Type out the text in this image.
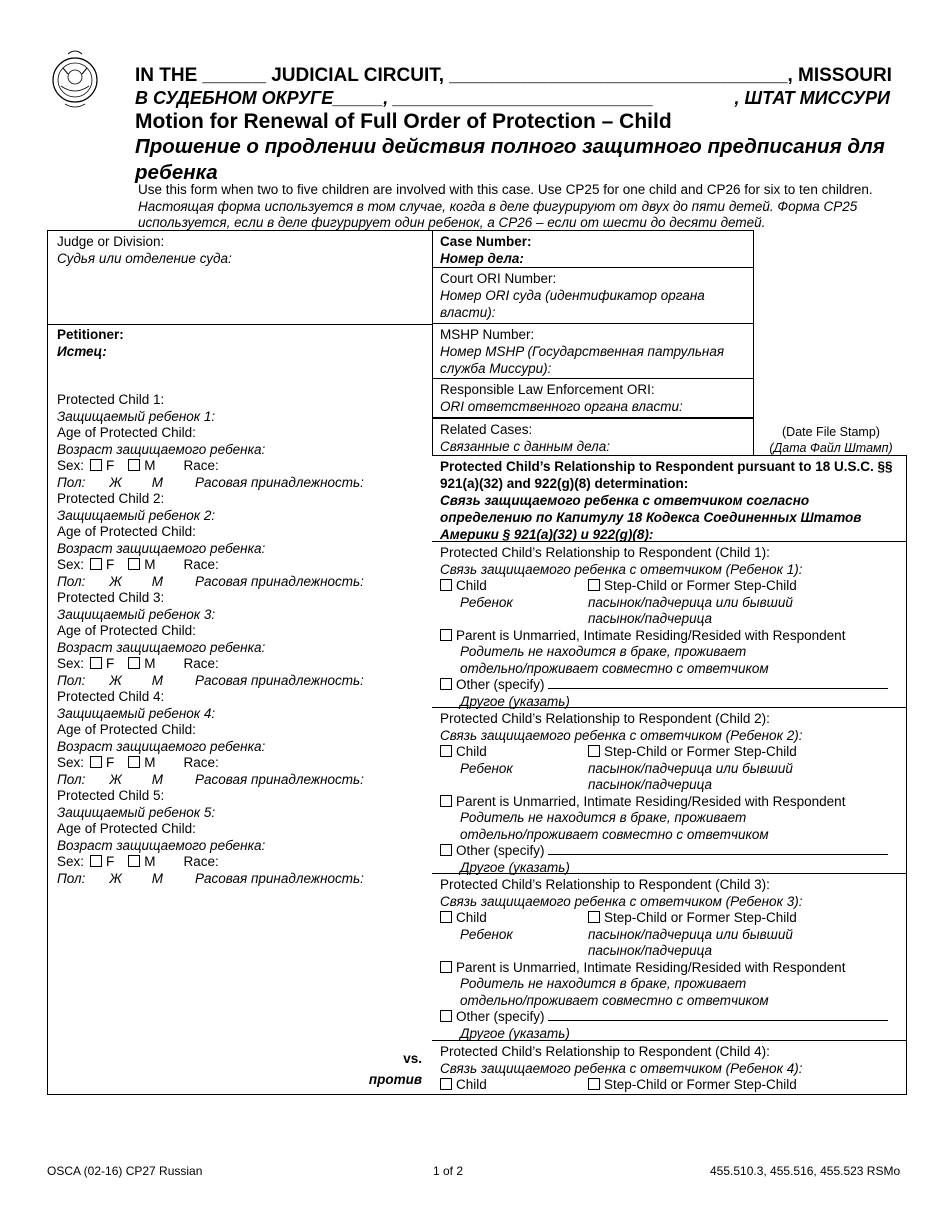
IN THE ______ JUDICIAL CIRCUIT, ________________________________ , MISSOURI
В СУДЕБНОМ ОКРУГЕ_____, __________________________	, ШТАТ МИССУРИ
Motion for Renewal of Full Order of Protection – Child
Прошение о продлении действия полного защитного предписания для ребенка
Use this form when two to five children are involved with this case. Use CP25 for one child and CP26 for six to ten children.
Настоящая форма используется в том случае, когда в деле фигурируют от двух до пяти детей. Форма CP25 используется, если в деле фигурирует один ребенок, а CP26 – если от шести до десяти детей.
Judge or Division:
Судья или отделение суда:
Petitioner:
Истец:
Protected Child 1:
Защищаемый ребенок 1:
Age of Protected Child:
Возраст защищаемого ребенка:
Sex: F M Race:
Пол: Ж М Расовая принадлежность:
Protected Child 2:
Защищаемый ребенок 2:
Age of Protected Child:
Возраст защищаемого ребенка:
Sex: F M Race:
Пол: Ж М Расовая принадлежность:
Protected Child 3:
Защищаемый ребенок 3:
Age of Protected Child:
Возраст защищаемого ребенка:
Sex: F M Race:
Пол: Ж М Расовая принадлежность:
Protected Child 4:
Защищаемый ребенок 4:
Age of Protected Child:
Возраст защищаемого ребенка:
Sex: F M Race:
Пол: Ж М Расовая принадлежность:
Protected Child 5:
Защищаемый ребенок 5:
Age of Protected Child:
Возраст защищаемого ребенка:
Sex: F M Race:
Пол: Ж М Расовая принадлежность:
vs.
против
Case Number:
Номер дела:
Court ORI Number:
Номер ORI суда (идентификатор органа власти):
MSHP Number:
Номер MSHP (Государственная патрульная служба Миссури):
Responsible Law Enforcement ORI:
ORI ответственного органа власти:
Related Cases:
Связанные с данным дела:
(Date File Stamp)
(Дата Файл Штамп)
Protected Child’s Relationship to Respondent pursuant to 18 U.S.C. §§ 921(a)(32) and 922(g)(8) determination:
Связь защищаемого ребенка с ответчиком согласно определению по Капитулу 18 Кодекса Соединенных Штатов Америки § 921(a)(32) и 922(g)(8):
Protected Child’s Relationship to Respondent (Child 1):
Связь защищаемого ребенка с ответчиком (Ребенок 1):
Child	Step-Child or Former Step-Child
Ребенок	пасынок/падчерица или бывший
пасынок/падчерица
Parent is Unmarried, Intimate Residing/Resided with Respondent
Родитель не находится в браке, проживает
отдельно/проживает совместно с ответчиком
Other (specify)
Другое (указать)
Protected Child’s Relationship to Respondent (Child 2):
Связь защищаемого ребенка с ответчиком (Ребенок 2):
Child	Step-Child or Former Step-Child
Ребенок	пасынок/падчерица или бывший
пасынок/падчерица
Parent is Unmarried, Intimate Residing/Resided with Respondent
Родитель не находится в браке, проживает
отдельно/проживает совместно с ответчиком
Other (specify)
Другое (указать)
Protected Child’s Relationship to Respondent (Child 3):
Связь защищаемого ребенка с ответчиком (Ребенок 3):
Child	Step-Child or Former Step-Child
Ребенок	пасынок/падчерица или бывший
пасынок/падчерица
Parent is Unmarried, Intimate Residing/Resided with Respondent
Родитель не находится в браке, проживает
отдельно/проживает совместно с ответчиком
Other (specify)
Другое (указать)
Protected Child’s Relationship to Respondent (Child 4):
Связь защищаемого ребенка с ответчиком (Ребенок 4):
Child	Step-Child or Former Step-Child
OSCA (02-16) CP27 Russian	1 of 2	455.510.3, 455.516, 455.523 RSMo
